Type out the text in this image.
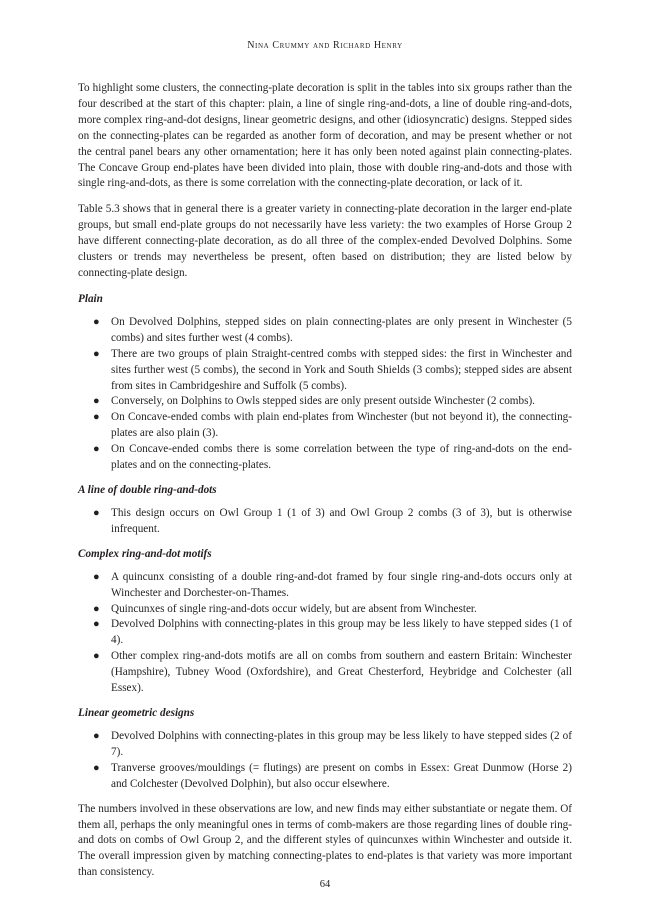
Nina Crummy and Richard Henry

To highlight some clusters, the connecting-plate decoration is split in the tables into six groups rather than the four described at the start of this chapter: plain, a line of single ring-and-dots, a line of double ring-and-dots, more complex ring-and-dot designs, linear geometric designs, and other (idiosyncratic) designs. Stepped sides on the connecting-plates can be regarded as another form of decoration, and may be present whether or not the central panel bears any other ornamentation; here it has only been noted against plain connecting-plates. The Concave Group end-plates have been divided into plain, those with double ring-and-dots and those with single ring-and-dots, as there is some correlation with the connecting-plate decoration, or lack of it.

Table 5.3 shows that in general there is a greater variety in connecting-plate decoration in the larger end-plate groups, but small end-plate groups do not necessarily have less variety: the two examples of Horse Group 2 have different connecting-plate decoration, as do all three of the complex-ended Devolved Dolphins. Some clusters or trends may nevertheless be present, often based on distribution; they are listed below by connecting-plate design.

Plain
● On Devolved Dolphins, stepped sides on plain connecting-plates are only present in Winchester (5 combs) and sites further west (4 combs).
● There are two groups of plain Straight-centred combs with stepped sides: the first in Winchester and sites further west (5 combs), the second in York and South Shields (3 combs); stepped sides are absent from sites in Cambridgeshire and Suffolk (5 combs).
● Conversely, on Dolphins to Owls stepped sides are only present outside Winchester (2 combs).
● On Concave-ended combs with plain end-plates from Winchester (but not beyond it), the connecting-plates are also plain (3).
● On Concave-ended combs there is some correlation between the type of ring-and-dots on the end-plates and on the connecting-plates.
A line of double ring-and-dots
● This design occurs on Owl Group 1 (1 of 3) and Owl Group 2 combs (3 of 3), but is otherwise infrequent.
Complex ring-and-dot motifs
● A quincunx consisting of a double ring-and-dot framed by four single ring-and-dots occurs only at Winchester and Dorchester-on-Thames.
● Quincunxes of single ring-and-dots occur widely, but are absent from Winchester.
● Devolved Dolphins with connecting-plates in this group may be less likely to have stepped sides (1 of 4).
● Other complex ring-and-dots motifs are all on combs from southern and eastern Britain: Winchester (Hampshire), Tubney Wood (Oxfordshire), and Great Chesterford, Heybridge and Colchester (all Essex).
Linear geometric designs
● Devolved Dolphins with connecting-plates in this group may be less likely to have stepped sides (2 of 7).
● Tranverse grooves/mouldings (= flutings) are present on combs in Essex: Great Dunmow (Horse 2) and Colchester (Devolved Dolphin), but also occur elsewhere.

The numbers involved in these observations are low, and new finds may either substantiate or negate them. Of them all, perhaps the only meaningful ones in terms of comb-makers are those regarding lines of double ring-and dots on combs of Owl Group 2, and the different styles of quincunxes within Winchester and outside it. The overall impression given by matching connecting-plates to end-plates is that variety was more important than consistency.

64
